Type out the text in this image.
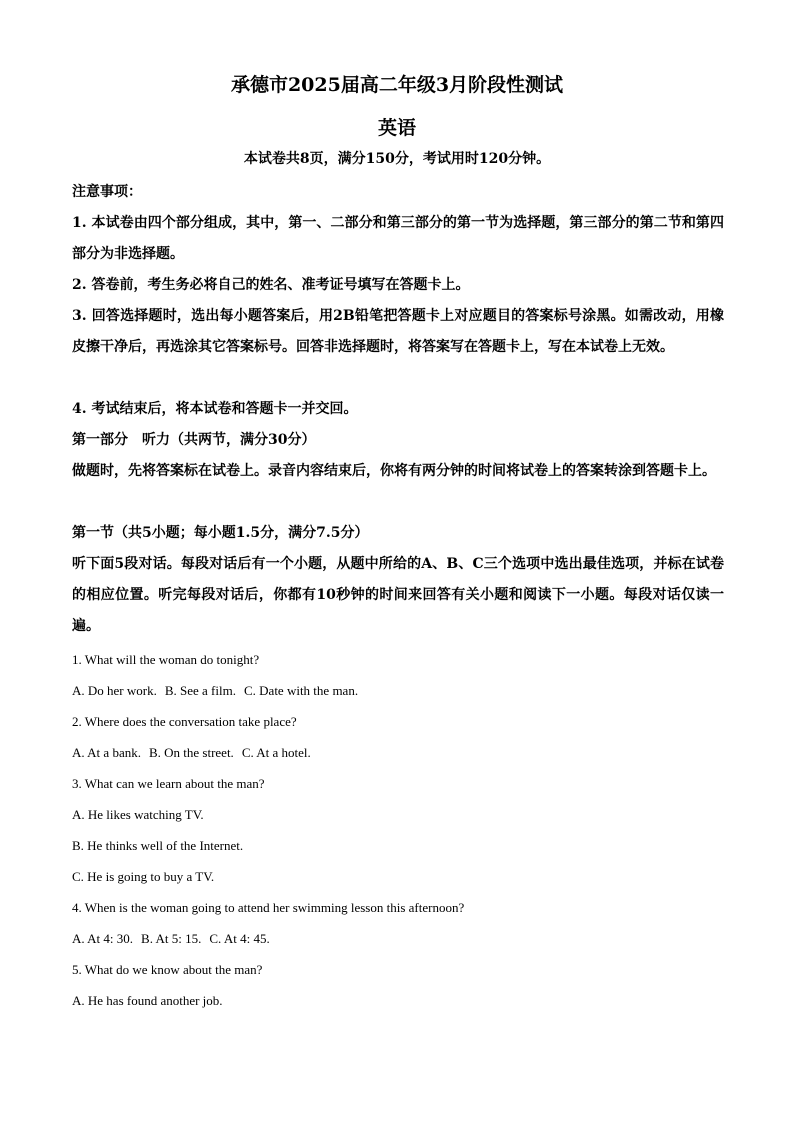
承德市2025届高二年级3月阶段性测试
英语
本试卷共8页，满分150分，考试用时120分钟。
注意事项：
1. 本试卷由四个部分组成，其中，第一、二部分和第三部分的第一节为选择题，第三部分的第二节和第四部分为非选择题。
2. 答卷前，考生务必将自己的姓名、准考证号填写在答题卡上。
3. 回答选择题时，选出每小题答案后，用2B铅笔把答题卡上对应题目的答案标号涂黑。如需改动，用橡皮擦干净后，再选涂其它答案标号。回答非选择题时，将答案写在答题卡上，写在本试卷上无效。
4. 考试结束后，将本试卷和答题卡一并交回。
第一部分　听力（共两节，满分30分）
做题时，先将答案标在试卷上。录音内容结束后，你将有两分钟的时间将试卷上的答案转涂到答题卡上。
第一节（共5小题；每小题1.5分，满分7.5分）
听下面5段对话。每段对话后有一个小题，从题中所给的A、B、C三个选项中选出最佳选项，并标在试卷的相应位置。听完每段对话后，你都有10秒钟的时间来回答有关小题和阅读下一小题。每段对话仅读一遍。
1. What will the woman do tonight?
A. Do her work. B. See a film. C. Date with the man.
2. Where does the conversation take place?
A. At a bank. B. On the street. C. At a hotel.
3. What can we learn about the man?
A. He likes watching TV.
B. He thinks well of the Internet.
C. He is going to buy a TV.
4. When is the woman going to attend her swimming lesson this afternoon?
A. At 4: 30. B. At 5: 15. C. At 4: 45.
5. What do we know about the man?
A. He has found another job.
